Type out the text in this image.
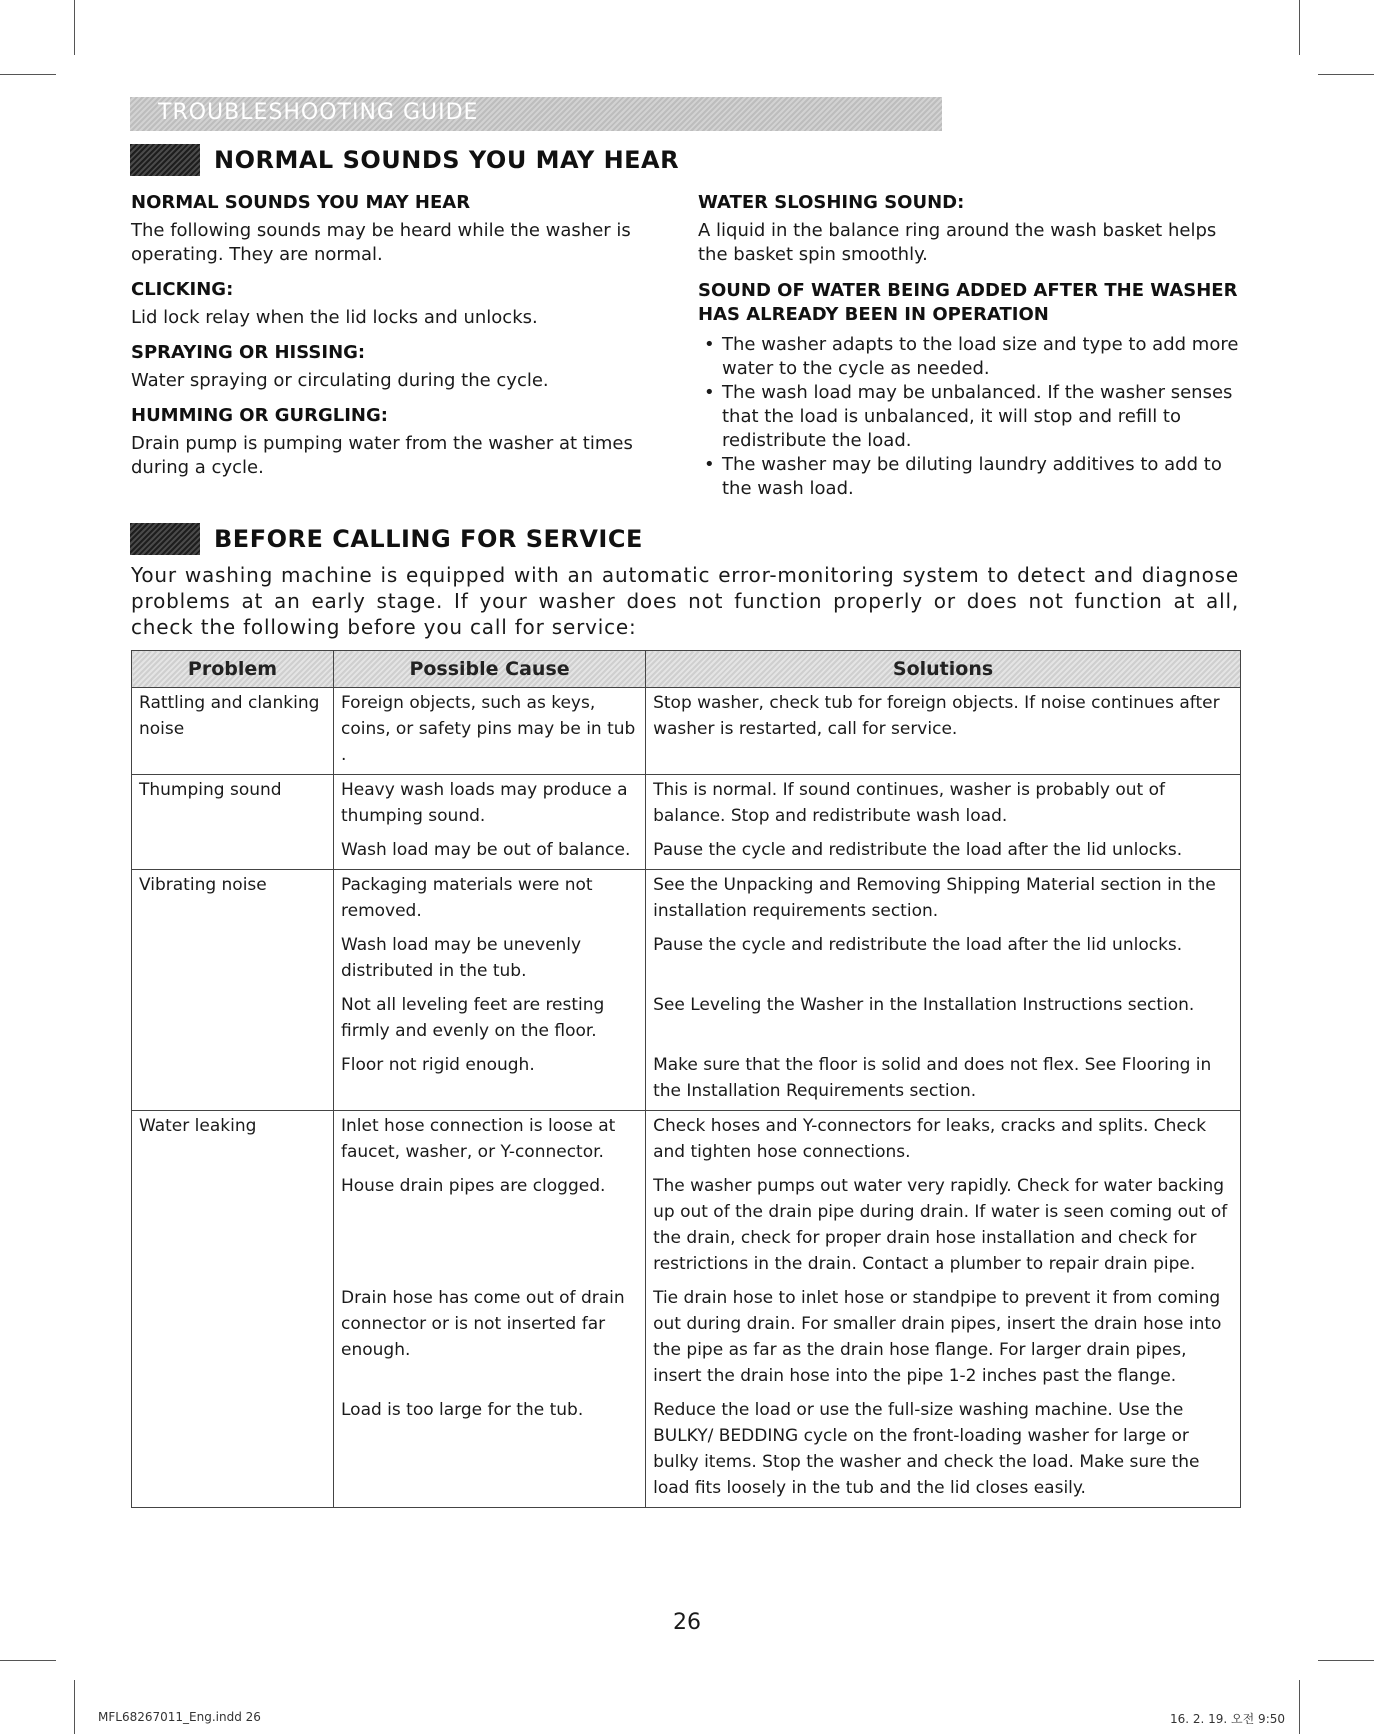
TROUBLESHOOTING GUIDE
NORMAL SOUNDS YOU MAY HEAR
NORMAL SOUNDS YOU MAY HEAR
The following sounds may be heard while the washer is operating. They are normal.
CLICKING:
Lid lock relay when the lid locks and unlocks.
SPRAYING OR HISSING:
Water spraying or circulating during the cycle.
HUMMING OR GURGLING:
Drain pump is pumping water from the washer at times during a cycle.
WATER SLOSHING SOUND:
A liquid in the balance ring around the wash basket helps the basket spin smoothly.
SOUND OF WATER BEING ADDED AFTER THE WASHER HAS ALREADY BEEN IN OPERATION
• The washer adapts to the load size and type to add more water to the cycle as needed.
• The wash load may be unbalanced. If the washer senses that the load is unbalanced, it will stop and refill to redistribute the load.
• The washer may be diluting laundry additives to add to the wash load.
BEFORE CALLING FOR SERVICE
Your washing machine is equipped with an automatic error-monitoring system to detect and diagnose problems at an early stage. If your washer does not function properly or does not function at all, check the following before you call for service:
Problem	Possible Cause	Solutions

Rattling and clanking noise	Foreign objects, such as keys, coins, or safety pins may be in tub .	Stop washer, check tub for foreign objects. If noise continues after washer is restarted, call for service.

Thumping sound	Heavy wash loads may produce a thumping sound.	This is normal. If sound continues, washer is probably out of balance. Stop and redistribute wash load.

	Wash load may be out of balance.	Pause the cycle and redistribute the load after the lid unlocks.

Vibrating noise	Packaging materials were not removed.	See the Unpacking and Removing Shipping Material section in the installation requirements section.

	Wash load may be unevenly distributed in the tub.	Pause the cycle and redistribute the load after the lid unlocks.

	Not all leveling feet are resting firmly and evenly on the floor.	See Leveling the Washer in the Installation Instructions section.

	Floor not rigid enough.	Make sure that the floor is solid and does not flex. See Flooring in the Installation Requirements section.

Water leaking	Inlet hose connection is loose at faucet, washer, or Y-connector.	Check hoses and Y-connectors for leaks, cracks and splits. Check and tighten hose connections.

	House drain pipes are clogged.	The washer pumps out water very rapidly. Check for water backing up out of the drain pipe during drain. If water is seen coming out of the drain, check for proper drain hose installation and check for restrictions in the drain. Contact a plumber to repair drain pipe.

	Drain hose has come out of drain connector or is not inserted far enough.	Tie drain hose to inlet hose or standpipe to prevent it from coming out during drain. For smaller drain pipes, insert the drain hose into the pipe as far as the drain hose flange. For larger drain pipes, insert the drain hose into the pipe 1-2 inches past the flange.

	Load is too large for the tub.	Reduce the load or use the full-size washing machine. Use the BULKY/ BEDDING cycle on the front-loading washer for large or bulky items. Stop the washer and check the load. Make sure the load fits loosely in the tub and the lid closes easily.
26
MFL68267011_Eng.indd 26	16. 2. 19. 오전 9:50
